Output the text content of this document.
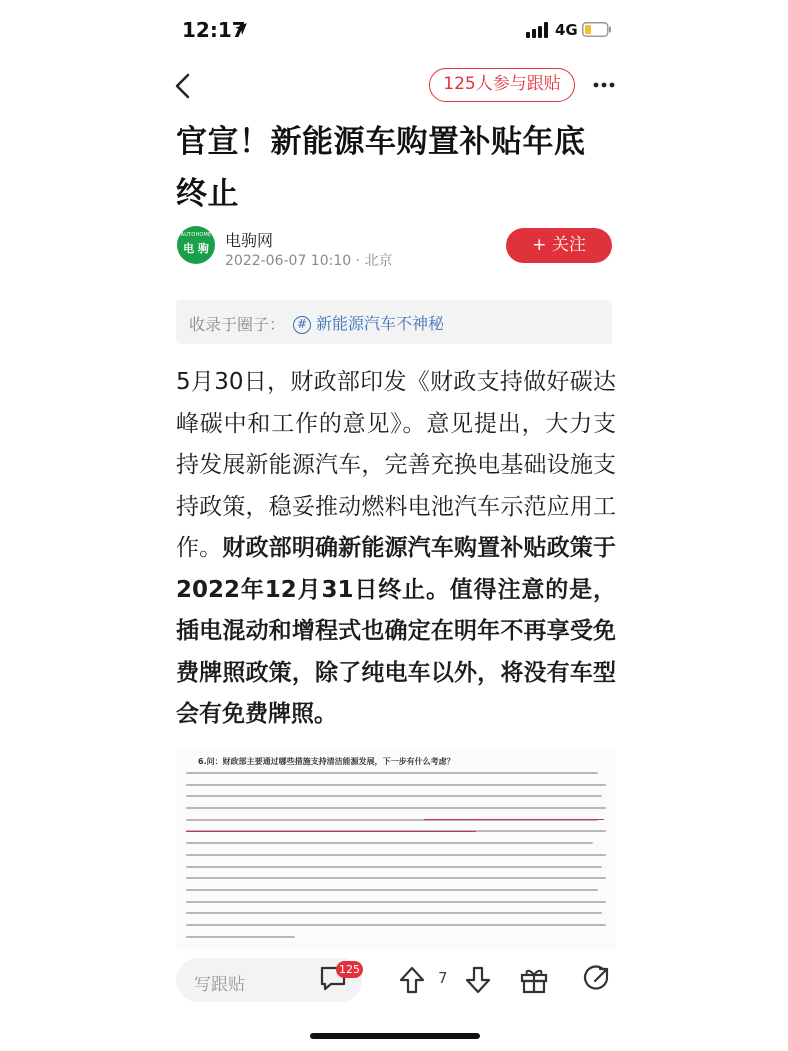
12:17	4G
125人参与跟贴
官宣！新能源车购置补贴年底终止
AUTOHOME
电 驹	电驹网
2022-06-07 10:10 · 北京
+ 关注
收录于圈子： # 新能源汽车不神秘
5月30日，财政部印发《财政支持做好碳达峰碳中和工作的意见》。意见提出，大力支持发展新能源汽车，完善充换电基础设施支持政策，稳妥推动燃料电池汽车示范应用工作。财政部明确新能源汽车购置补贴政策于2022年12月31日终止。值得注意的是，插电混动和增程式也确定在明年不再享受免费牌照政策，除了纯电车以外，将没有车型会有免费牌照。
6.问：财政部主要通过哪些措施支持清洁能源发展，下一步有什么考虑？
写跟贴
125	7
